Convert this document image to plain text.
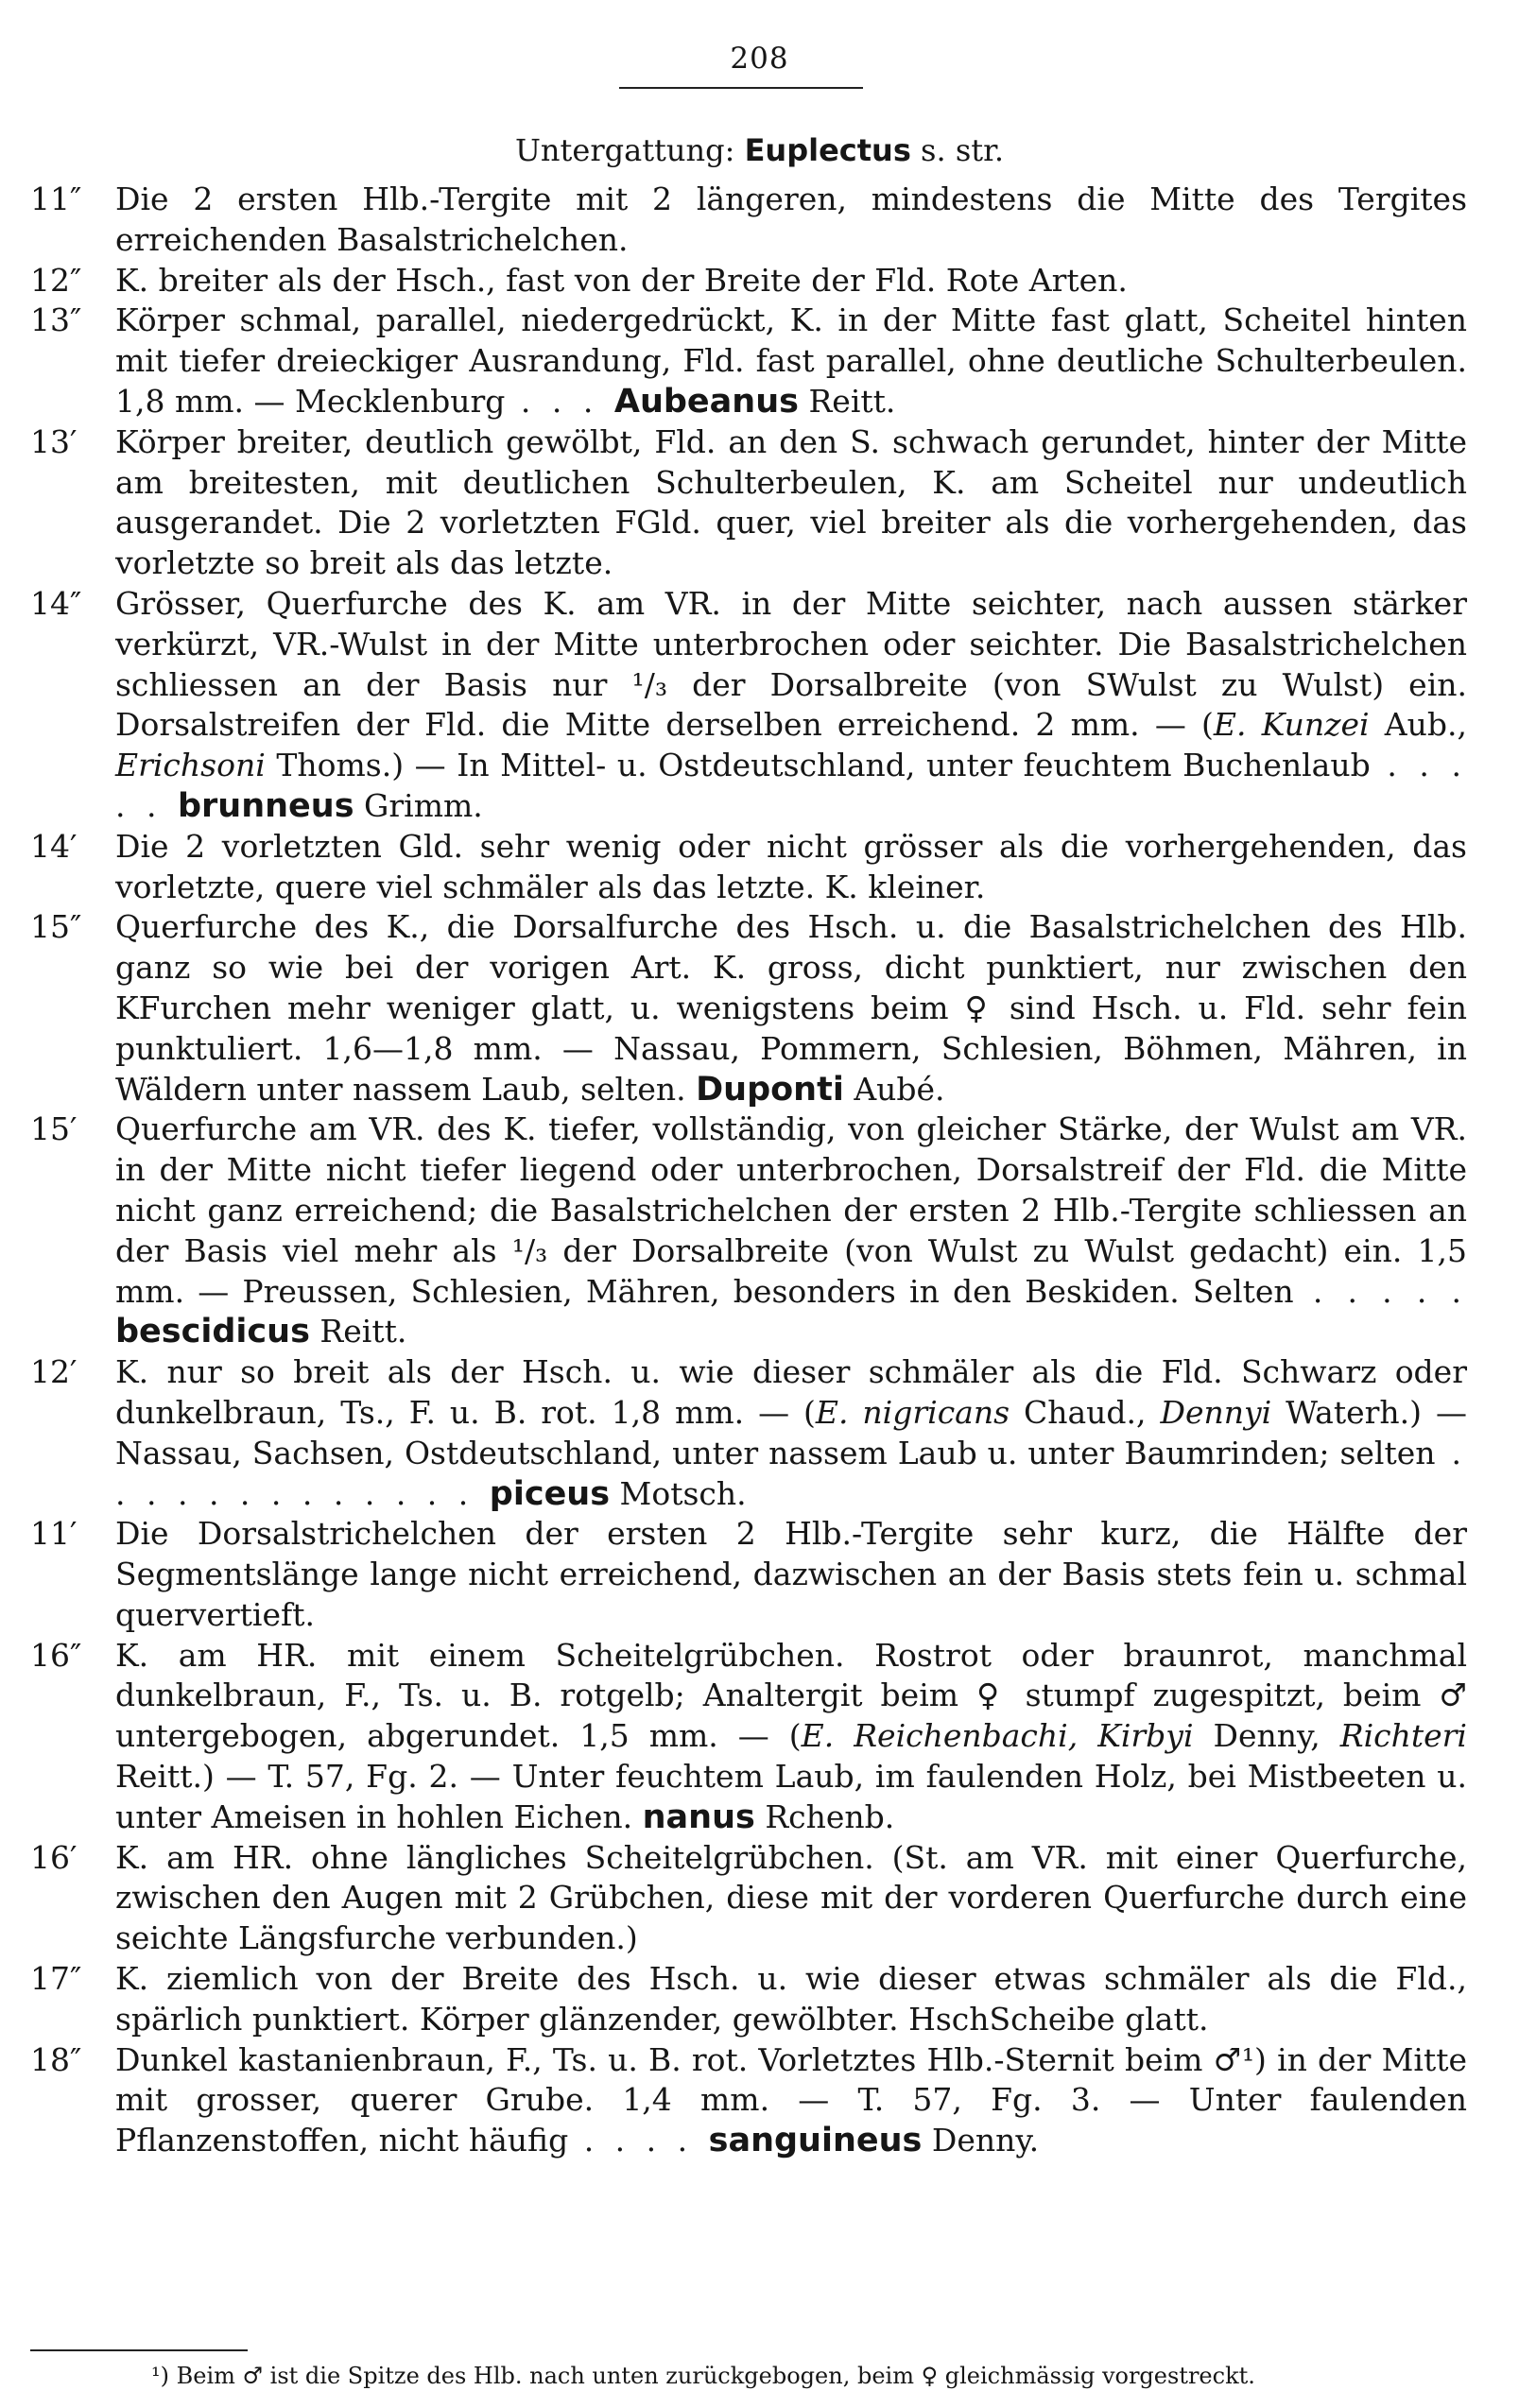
208
Untergattung: Euplectus s. str.
11″	Die 2 ersten Hlb.-Tergite mit 2 längeren, mindestens die Mitte des Tergites erreichenden Basalstrichelchen.
12″	K. breiter als der Hsch., fast von der Breite der Fld. Rote Arten.
13″	Körper schmal, parallel, niedergedrückt, K. in der Mitte fast glatt, Scheitel hinten mit tiefer dreieckiger Ausrandung, Fld. fast parallel, ohne deutliche Schulterbeulen. 1,8 mm. — Mecklenburg . . . Aubeanus Reitt.
13′	Körper breiter, deutlich gewölbt, Fld. an den S. schwach gerundet, hinter der Mitte am breitesten, mit deutlichen Schulterbeulen, K. am Scheitel nur undeutlich ausgerandet. Die 2 vorletzten FGld. quer, viel breiter als die vorhergehenden, das vorletzte so breit als das letzte.
14″	Grösser, Querfurche des K. am VR. in der Mitte seichter, nach aussen stärker verkürzt, VR.-Wulst in der Mitte unterbrochen oder seichter. Die Basalstrichelchen schliessen an der Basis nur ¹/₃ der Dorsalbreite (von SWulst zu Wulst) ein. Dorsalstreifen der Fld. die Mitte derselben erreichend. 2 mm. — (E. Kunzei Aub., Erichsoni Thoms.) — In Mittel- u. Ostdeutschland, unter feuchtem Buchenlaub . . . . . brunneus Grimm.
14′	Die 2 vorletzten Gld. sehr wenig oder nicht grösser als die vorhergehenden, das vorletzte, quere viel schmäler als das letzte. K. kleiner.
15″	Querfurche des K., die Dorsalfurche des Hsch. u. die Basalstrichelchen des Hlb. ganz so wie bei der vorigen Art. K. gross, dicht punktiert, nur zwischen den KFurchen mehr weniger glatt, u. wenigstens beim ♀ sind Hsch. u. Fld. sehr fein punktuliert. 1,6—1,8 mm. — Nassau, Pommern, Schlesien, Böhmen, Mähren, in Wäldern unter nassem Laub, selten. Duponti Aubé.
15′	Querfurche am VR. des K. tiefer, vollständig, von gleicher Stärke, der Wulst am VR. in der Mitte nicht tiefer liegend oder unterbrochen, Dorsalstreif der Fld. die Mitte nicht ganz erreichend; die Basalstrichelchen der ersten 2 Hlb.-Tergite schliessen an der Basis viel mehr als ¹/₃ der Dorsalbreite (von Wulst zu Wulst gedacht) ein. 1,5 mm. — Preussen, Schlesien, Mähren, besonders in den Beskiden. Selten . . . . . bescidicus Reitt.
12′	K. nur so breit als der Hsch. u. wie dieser schmäler als die Fld. Schwarz oder dunkelbraun, Ts., F. u. B. rot. 1,8 mm. — (E. nigricans Chaud., Dennyi Waterh.) — Nassau, Sachsen, Ostdeutschland, unter nassem Laub u. unter Baumrinden; selten . . . . . . . . . . . . . piceus Motsch.
11′	Die Dorsalstrichelchen der ersten 2 Hlb.-Tergite sehr kurz, die Hälfte der Segmentslänge lange nicht erreichend, dazwischen an der Basis stets fein u. schmal quervertieft.
16″	K. am HR. mit einem Scheitelgrübchen. Rostrot oder braunrot, manchmal dunkelbraun, F., Ts. u. B. rotgelb; Analtergit beim ♀ stumpf zugespitzt, beim ♂ untergebogen, abgerundet. 1,5 mm. — (E. Reichenbachi, Kirbyi Denny, Richteri Reitt.) — T. 57, Fg. 2. — Unter feuchtem Laub, im faulenden Holz, bei Mistbeeten u. unter Ameisen in hohlen Eichen. nanus Rchenb.
16′	K. am HR. ohne längliches Scheitelgrübchen. (St. am VR. mit einer Querfurche, zwischen den Augen mit 2 Grübchen, diese mit der vorderen Querfurche durch eine seichte Längsfurche verbunden.)
17″	K. ziemlich von der Breite des Hsch. u. wie dieser etwas schmäler als die Fld., spärlich punktiert. Körper glänzender, gewölbter. HschScheibe glatt.
18″	Dunkel kastanienbraun, F., Ts. u. B. rot. Vorletztes Hlb.-Sternit beim ♂¹) in der Mitte mit grosser, querer Grube. 1,4 mm. — T. 57, Fg. 3. — Unter faulenden Pflanzenstoffen, nicht häufig . . . . sanguineus Denny.
¹) Beim ♂ ist die Spitze des Hlb. nach unten zurückgebogen, beim ♀ gleichmässig vorgestreckt.
